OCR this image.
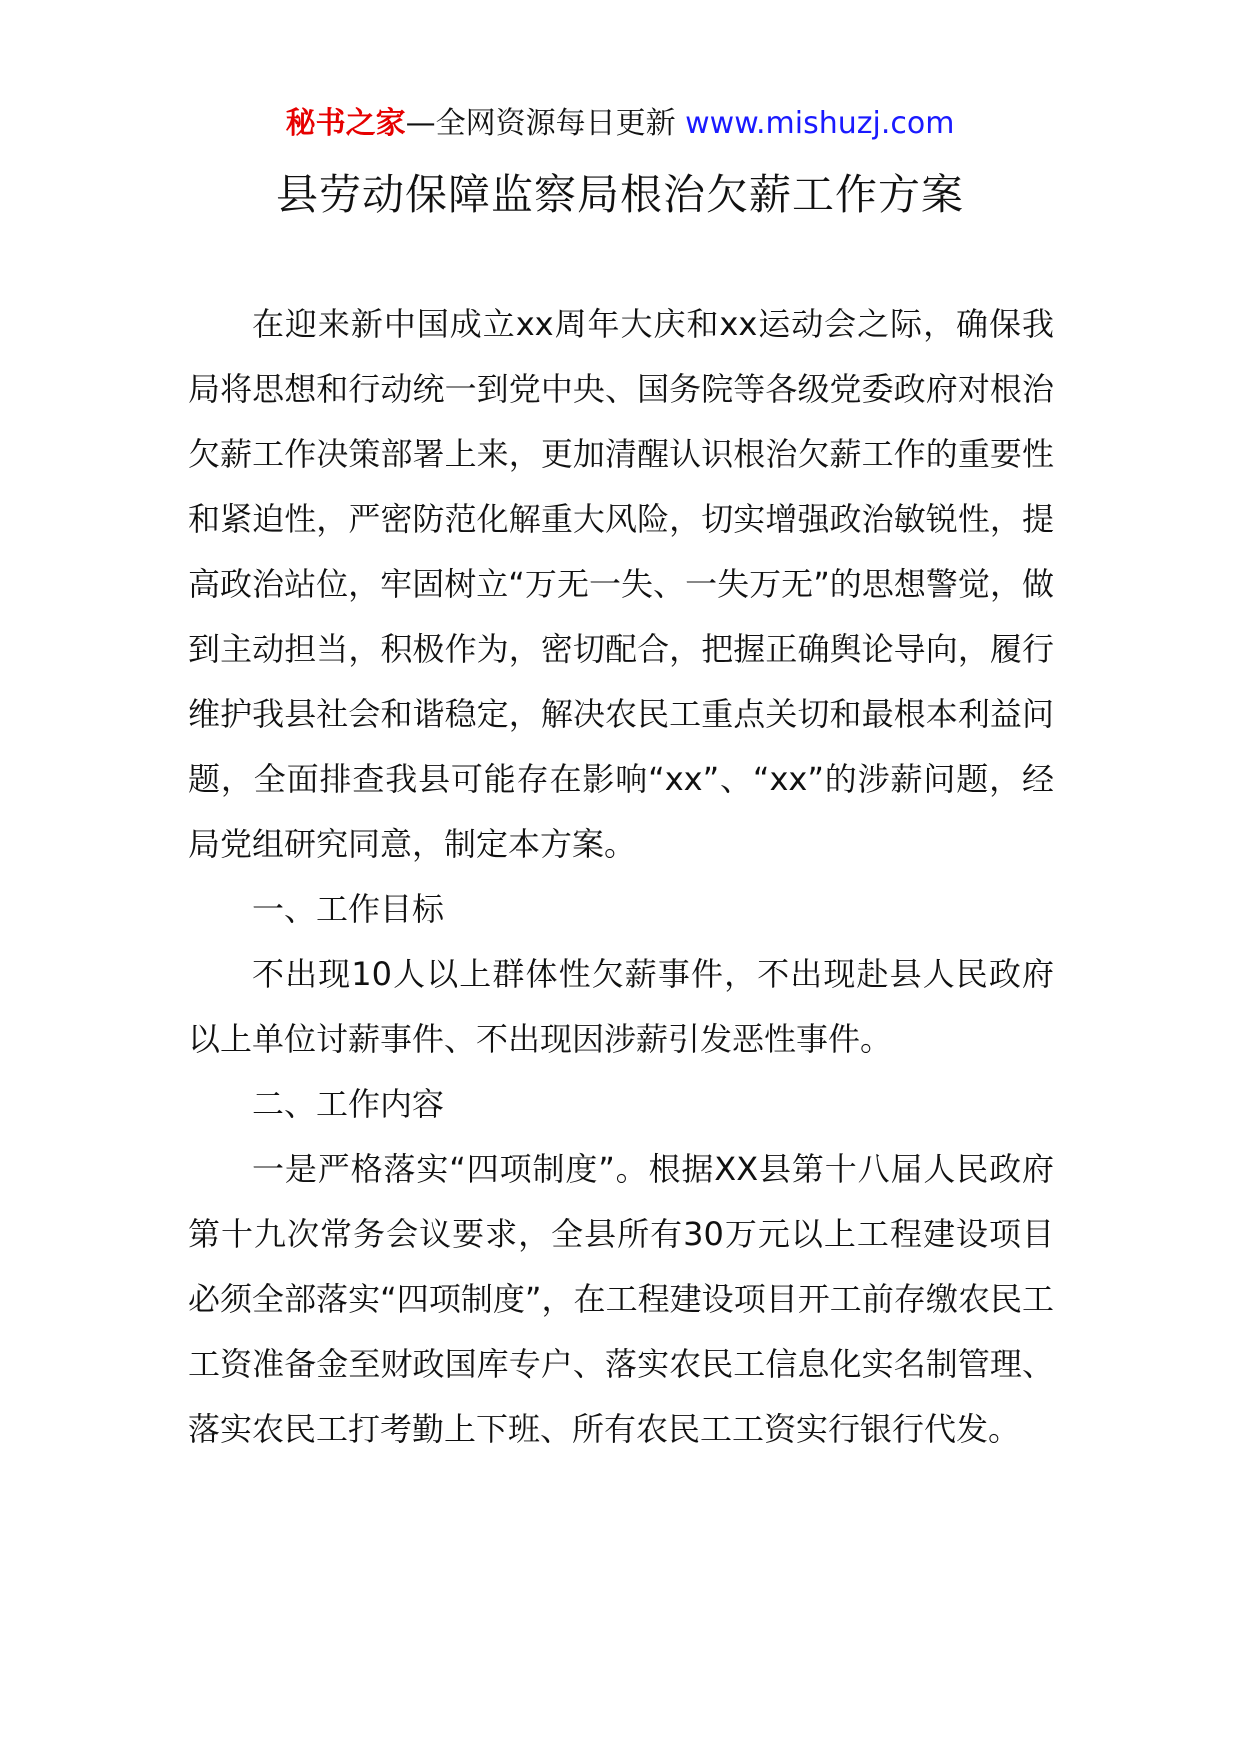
秘书之家—全网资源每日更新 www.mishuzj.com
县劳动保障监察局根治欠薪工作方案

在迎来新中国成立xx周年大庆和xx运动会之际，确保我局将思想和行动统一到党中央、国务院等各级党委政府对根治欠薪工作决策部署上来，更加清醒认识根治欠薪工作的重要性和紧迫性，严密防范化解重大风险，切实增强政治敏锐性，提高政治站位，牢固树立“万无一失、一失万无”的思想警觉，做到主动担当，积极作为，密切配合，把握正确舆论导向，履行维护我县社会和谐稳定，解决农民工重点关切和最根本利益问题，全面排查我县可能存在影响“xx”、“xx”的涉薪问题，经局党组研究同意，制定本方案。

一、工作目标

不出现10人以上群体性欠薪事件，不出现赴县人民政府以上单位讨薪事件、不出现因涉薪引发恶性事件。

二、工作内容

一是严格落实“四项制度”。根据XX县第十八届人民政府第十九次常务会议要求，全县所有30万元以上工程建设项目必须全部落实“四项制度”，在工程建设项目开工前存缴农民工工资准备金至财政国库专户、落实农民工信息化实名制管理、落实农民工打考勤上下班、所有农民工工资实行银行代发。
